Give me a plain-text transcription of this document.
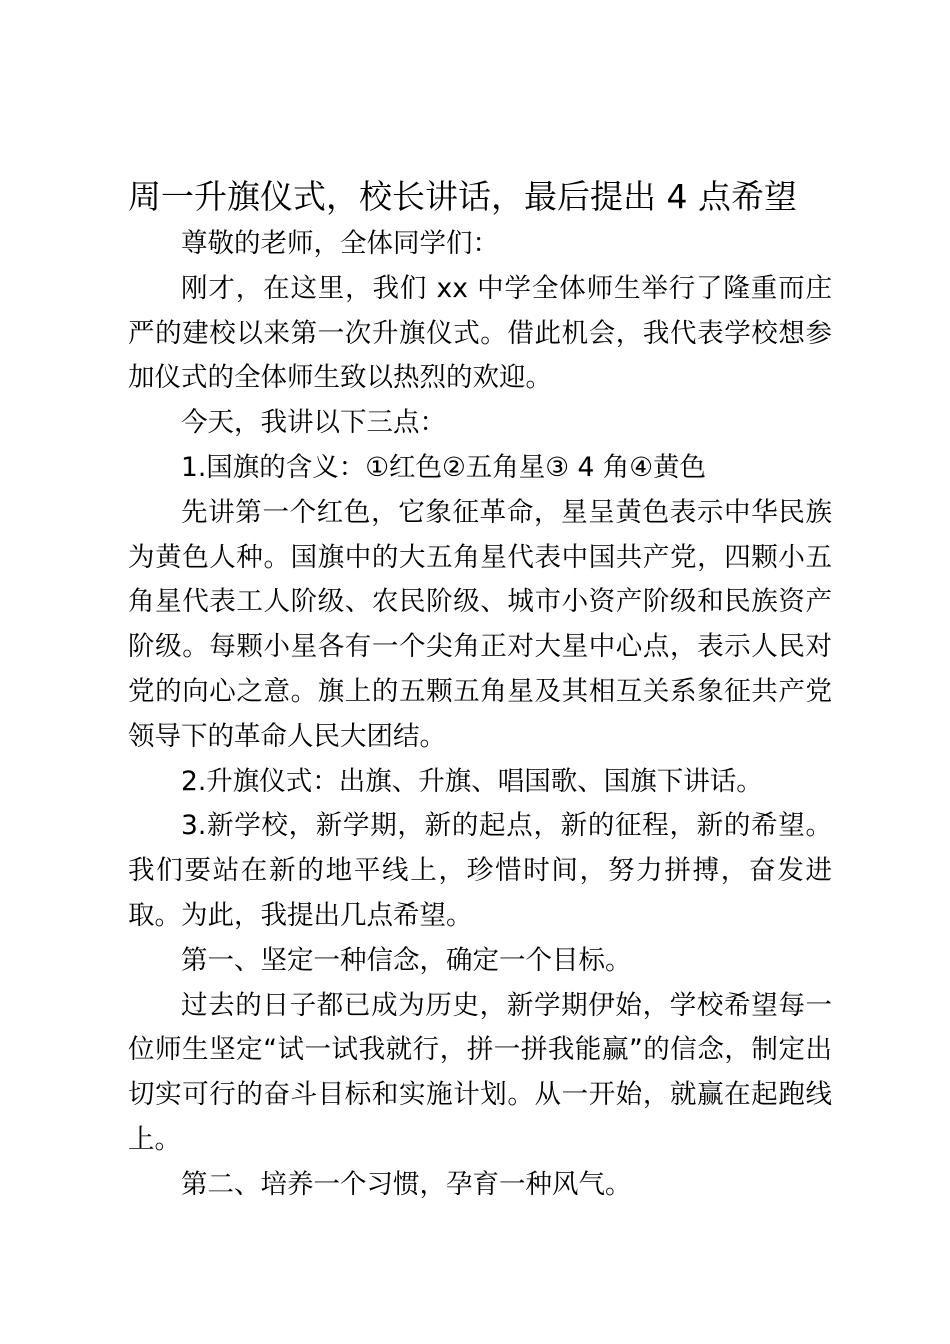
周一升旗仪式，校长讲话，最后提出 4 点希望

尊敬的老师，全体同学们：

刚才，在这里，我们 xx 中学全体师生举行了隆重而庄严的建校以来第一次升旗仪式。借此机会，我代表学校想参加仪式的全体师生致以热烈的欢迎。

今天，我讲以下三点：

1.国旗的含义：①红色②五角星③ 4 角④黄色

先讲第一个红色，它象征革命，星呈黄色表示中华民族为黄色人种。国旗中的大五角星代表中国共产党，四颗小五角星代表工人阶级、农民阶级、城市小资产阶级和民族资产阶级。每颗小星各有一个尖角正对大星中心点，表示人民对党的向心之意。旗上的五颗五角星及其相互关系象征共产党领导下的革命人民大团结。

2.升旗仪式：出旗、升旗、唱国歌、国旗下讲话。

3.新学校，新学期，新的起点，新的征程，新的希望。我们要站在新的地平线上，珍惜时间，努力拼搏，奋发进取。为此，我提出几点希望。

第一、坚定一种信念，确定一个目标。

过去的日子都已成为历史，新学期伊始，学校希望每一位师生坚定“试一试我就行，拼一拼我能赢”的信念，制定出切实可行的奋斗目标和实施计划。从一开始，就赢在起跑线上。

第二、培养一个习惯，孕育一种风气。
